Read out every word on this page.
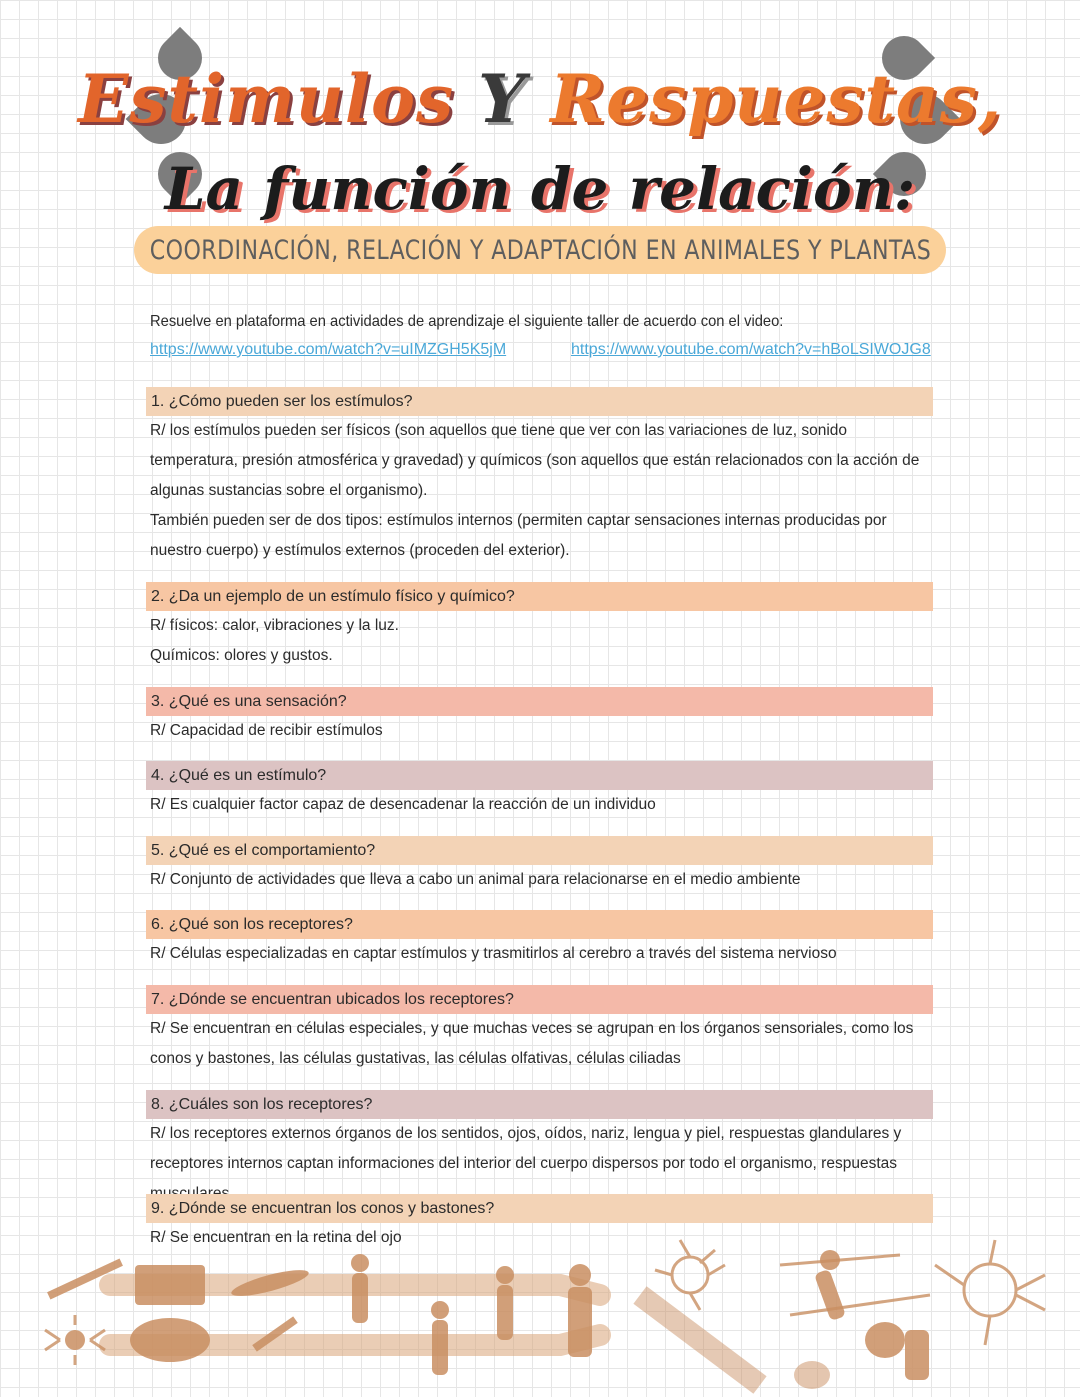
Estimulos Y Respuestas,
La función de relación:
COORDINACIÓN, RELACIÓN Y ADAPTACIÓN EN ANIMALES Y PLANTAS
Resuelve en plataforma en actividades de aprendizaje el siguiente taller de acuerdo con el video:
https://www.youtube.com/watch?v=uIMZGH5K5jM	https://www.youtube.com/watch?v=hBoLSIWOJG8
1. ¿Cómo pueden ser los estímulos?
R/ los estímulos pueden ser físicos (son aquellos que tiene que ver con las variaciones de luz, sonido temperatura, presión atmosférica y gravedad) y químicos (son aquellos que están relacionados con la acción de algunas sustancias sobre el organismo).
También pueden ser de dos tipos: estímulos internos (permiten captar sensaciones internas producidas por nuestro cuerpo) y estímulos externos (proceden del exterior).
2. ¿Da un ejemplo de un estímulo físico y químico?
R/ físicos: calor, vibraciones y la luz.
Químicos: olores y gustos.
3. ¿Qué es una sensación?
R/ Capacidad de recibir estímulos
4. ¿Qué es un estímulo?
R/ Es cualquier factor capaz de desencadenar la reacción de un individuo
5. ¿Qué es el comportamiento?
R/ Conjunto de actividades que lleva a cabo un animal para relacionarse en el medio ambiente
6. ¿Qué son los receptores?
R/ Células especializadas en captar estímulos y trasmitirlos al cerebro a través del sistema nervioso
7. ¿Dónde se encuentran ubicados los receptores?
R/ Se encuentran en células especiales, y que muchas veces se agrupan en los órganos sensoriales, como los conos y bastones, las células gustativas, las células olfativas, células ciliadas
8. ¿Cuáles son los receptores?
R/ los receptores externos órganos de los sentidos, ojos, oídos, nariz, lengua y piel, respuestas glandulares y receptores internos captan informaciones del interior del cuerpo dispersos por todo el organismo, respuestas
9. ¿Dónde se encuentran los conos y bastones?
R/ Se encuentran en la retina del ojo
